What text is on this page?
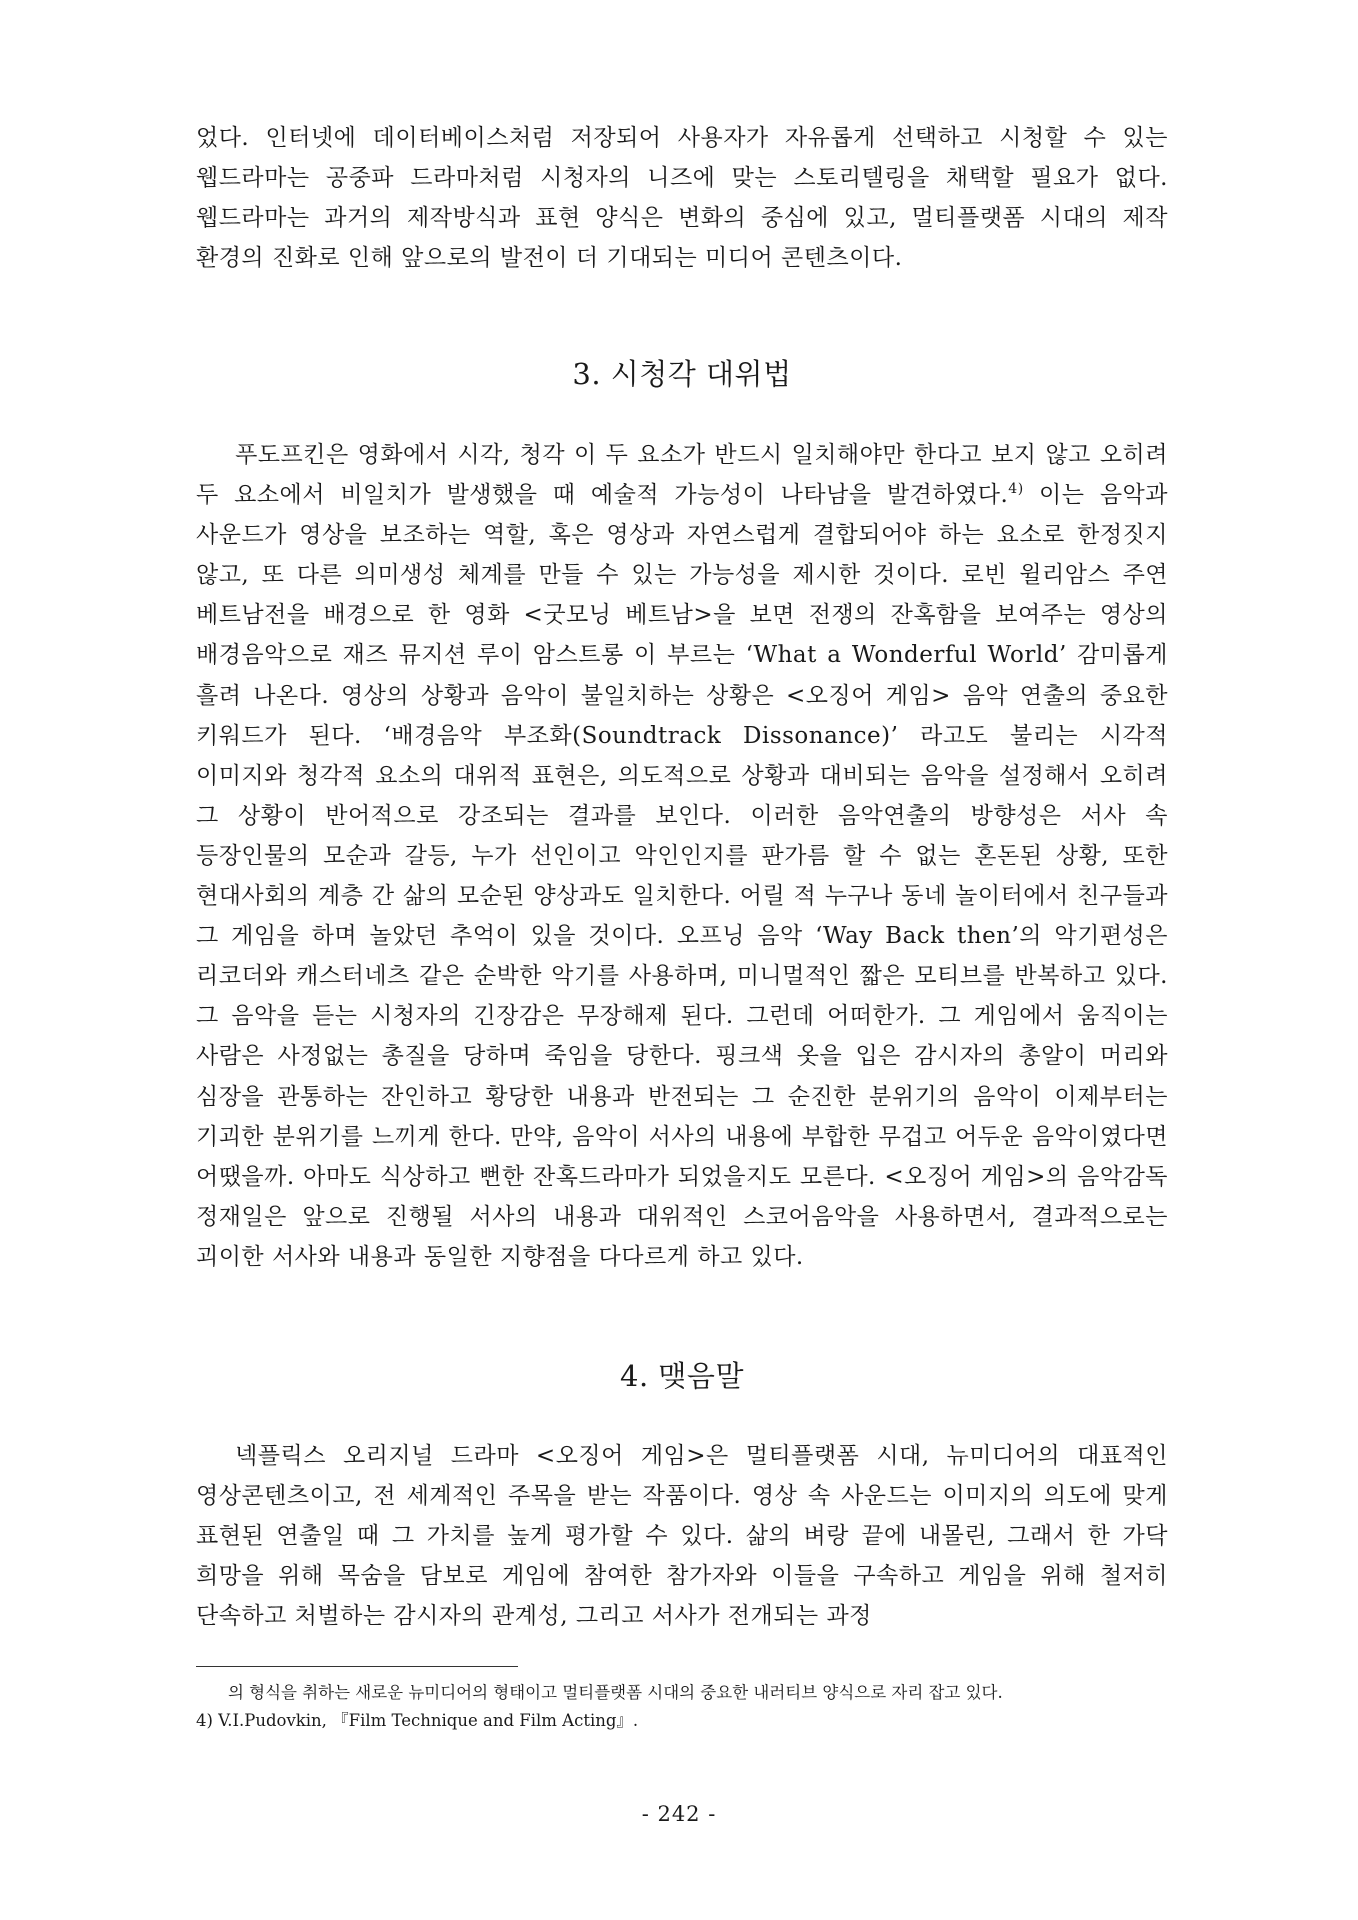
었다. 인터넷에 데이터베이스처럼 저장되어 사용자가 자유롭게 선택하고 시청할 수 있는 웹드라마는 공중파 드라마처럼 시청자의 니즈에 맞는 스토리텔링을 채택할 필요가 없다. 웹드라마는 과거의 제작방식과 표현 양식은 변화의 중심에 있고, 멀티플랫폼 시대의 제작 환경의 진화로 인해 앞으로의 발전이 더 기대되는 미디어 콘텐츠이다.

3. 시청각 대위법

푸도프킨은 영화에서 시각, 청각 이 두 요소가 반드시 일치해야만 한다고 보지 않고 오히려 두 요소에서 비일치가 발생했을 때 예술적 가능성이 나타남을 발견하였다.$^{4)}$ 이는 음악과 사운드가 영상을 보조하는 역할, 혹은 영상과 자연스럽게 결합되어야 하는 요소로 한정짓지 않고, 또 다른 의미생성 체계를 만들 수 있는 가능성을 제시한 것이다. 로빈 윌리암스 주연 베트남전을 배경으로 한 영화 <굿모닝 베트남>을 보면 전쟁의 잔혹함을 보여주는 영상의 배경음악으로 재즈 뮤지션 루이 암스트롱 이 부르는 ‘What a Wonderful World’ 감미롭게 흘려 나온다. 영상의 상황과 음악이 불일치하는 상황은 <오징어 게임> 음악 연출의 중요한 키워드가 된다. ‘배경음악 부조화(Soundtrack Dissonance)’ 라고도 불리는 시각적 이미지와 청각적 요소의 대위적 표현은, 의도적으로 상황과 대비되는 음악을 설정해서 오히려 그 상황이 반어적으로 강조되는 결과를 보인다. 이러한 음악연출의 방향성은 서사 속 등장인물의 모순과 갈등, 누가 선인이고 악인인지를 판가름 할 수 없는 혼돈된 상황, 또한 현대사회의 계층 간 삶의 모순된 양상과도 일치한다. 어릴 적 누구나 동네 놀이터에서 친구들과 그 게임을 하며 놀았던 추억이 있을 것이다. 오프닝 음악 ‘Way Back then’의 악기편성은 리코더와 캐스터네츠 같은 순박한 악기를 사용하며, 미니멀적인 짧은 모티브를 반복하고 있다. 그 음악을 듣는 시청자의 긴장감은 무장해제 된다. 그런데 어떠한가. 그 게임에서 움직이는 사람은 사정없는 총질을 당하며 죽임을 당한다. 핑크색 옷을 입은 감시자의 총알이 머리와 심장을 관통하는 잔인하고 황당한 내용과 반전되는 그 순진한 분위기의 음악이 이제부터는 기괴한 분위기를 느끼게 한다. 만약, 음악이 서사의 내용에 부합한 무겁고 어두운 음악이였다면 어땠을까. 아마도 식상하고 뻔한 잔혹드라마가 되었을지도 모른다. <오징어 게임>의 음악감독 정재일은 앞으로 진행될 서사의 내용과 대위적인 스코어음악을 사용하면서, 결과적으로는 괴이한 서사와 내용과 동일한 지향점을 다다르게 하고 있다.

4. 맺음말

넥플릭스 오리지널 드라마 <오징어 게임>은 멀티플랫폼 시대, 뉴미디어의 대표적인 영상콘텐츠이고, 전 세계적인 주목을 받는 작품이다. 영상 속 사운드는 이미지의 의도에 맞게 표현된 연출일 때 그 가치를 높게 평가할 수 있다. 삶의 벼랑 끝에 내몰린, 그래서 한 가닥 희망을 위해 목숨을 담보로 게임에 참여한 참가자와 이들을 구속하고 게임을 위해 철저히 단속하고 처벌하는 감시자의 관계성, 그리고 서사가 전개되는 과정

의 형식을 취하는 새로운 뉴미디어의 형태이고 멀티플랫폼 시대의 중요한 내러티브 양식으로 자리 잡고 있다.

4) V.I.Pudovkin, 『Film Technique and Film Acting』.

- 242 -
